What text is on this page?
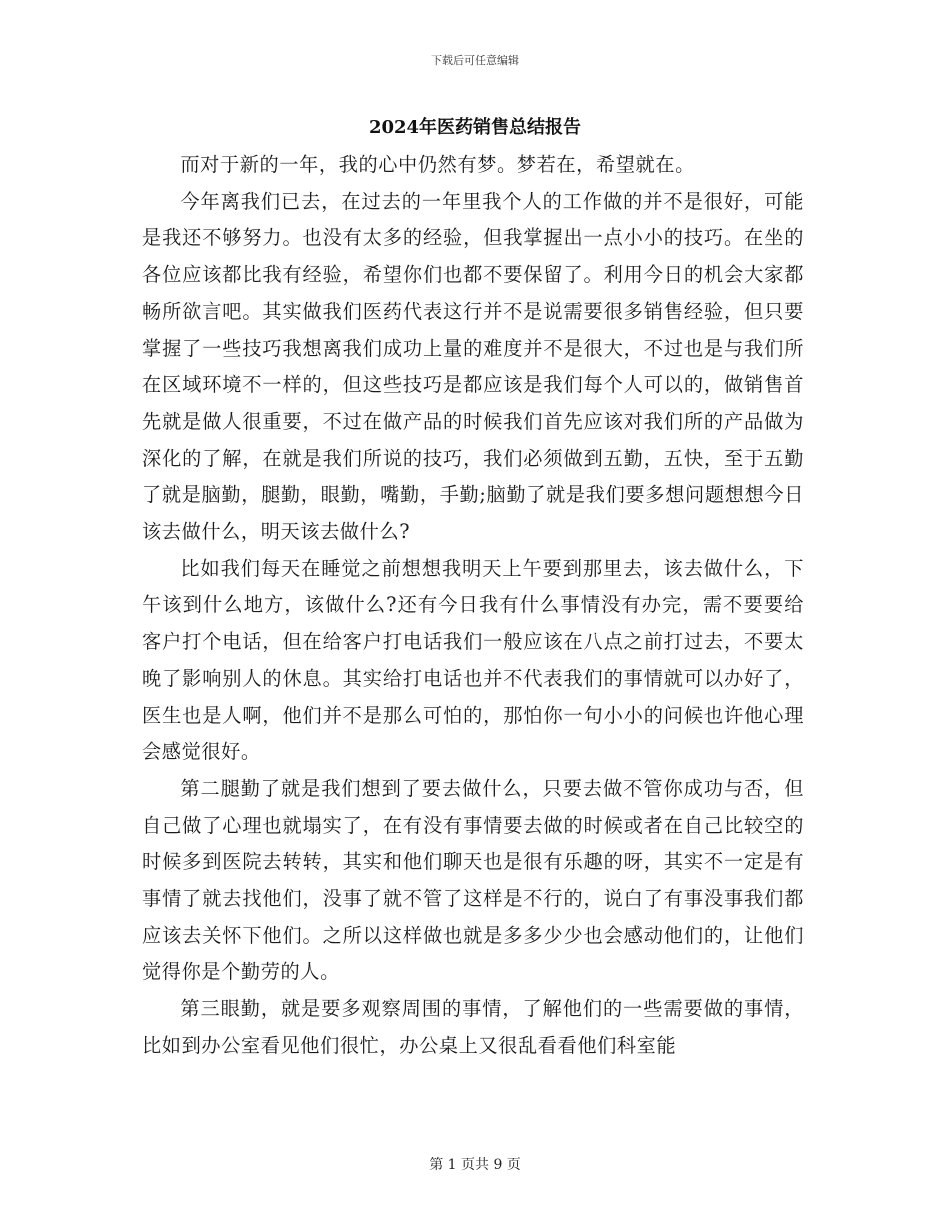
下载后可任意编辑
2024年医药销售总结报告

而对于新的一年，我的心中仍然有梦。梦若在，希望就在。

今年离我们已去，在过去的一年里我个人的工作做的并不是很好，可能是我还不够努力。也没有太多的经验，但我掌握出一点小小的技巧。在坐的各位应该都比我有经验，希望你们也都不要保留了。利用今日的机会大家都畅所欲言吧。其实做我们医药代表这行并不是说需要很多销售经验，但只要掌握了一些技巧我想离我们成功上量的难度并不是很大，不过也是与我们所在区域环境不一样的，但这些技巧是都应该是我们每个人可以的，做销售首先就是做人很重要，不过在做产品的时候我们首先应该对我们所的产品做为深化的了解，在就是我们所说的技巧，我们必须做到五勤，五快，至于五勤了就是脑勤，腿勤，眼勤，嘴勤，手勤;脑勤了就是我们要多想问题想想今日该去做什么，明天该去做什么?

比如我们每天在睡觉之前想想我明天上午要到那里去，该去做什么，下午该到什么地方，该做什么?还有今日我有什么事情没有办完，需不要要给客户打个电话，但在给客户打电话我们一般应该在八点之前打过去，不要太晚了影响别人的休息。其实给打电话也并不代表我们的事情就可以办好了，医生也是人啊，他们并不是那么可怕的，那怕你一句小小的问候也许他心理会感觉很好。

第二腿勤了就是我们想到了要去做什么，只要去做不管你成功与否，但自己做了心理也就塌实了，在有没有事情要去做的时候或者在自己比较空的时候多到医院去转转，其实和他们聊天也是很有乐趣的呀，其实不一定是有事情了就去找他们，没事了就不管了这样是不行的，说白了有事没事我们都应该去关怀下他们。之所以这样做也就是多多少少也会感动他们的，让他们觉得你是个勤劳的人。

第三眼勤，就是要多观察周围的事情，了解他们的一些需要做的事情，比如到办公室看见他们很忙，办公桌上又很乱看看他们科室能

第 1 页共 9 页
